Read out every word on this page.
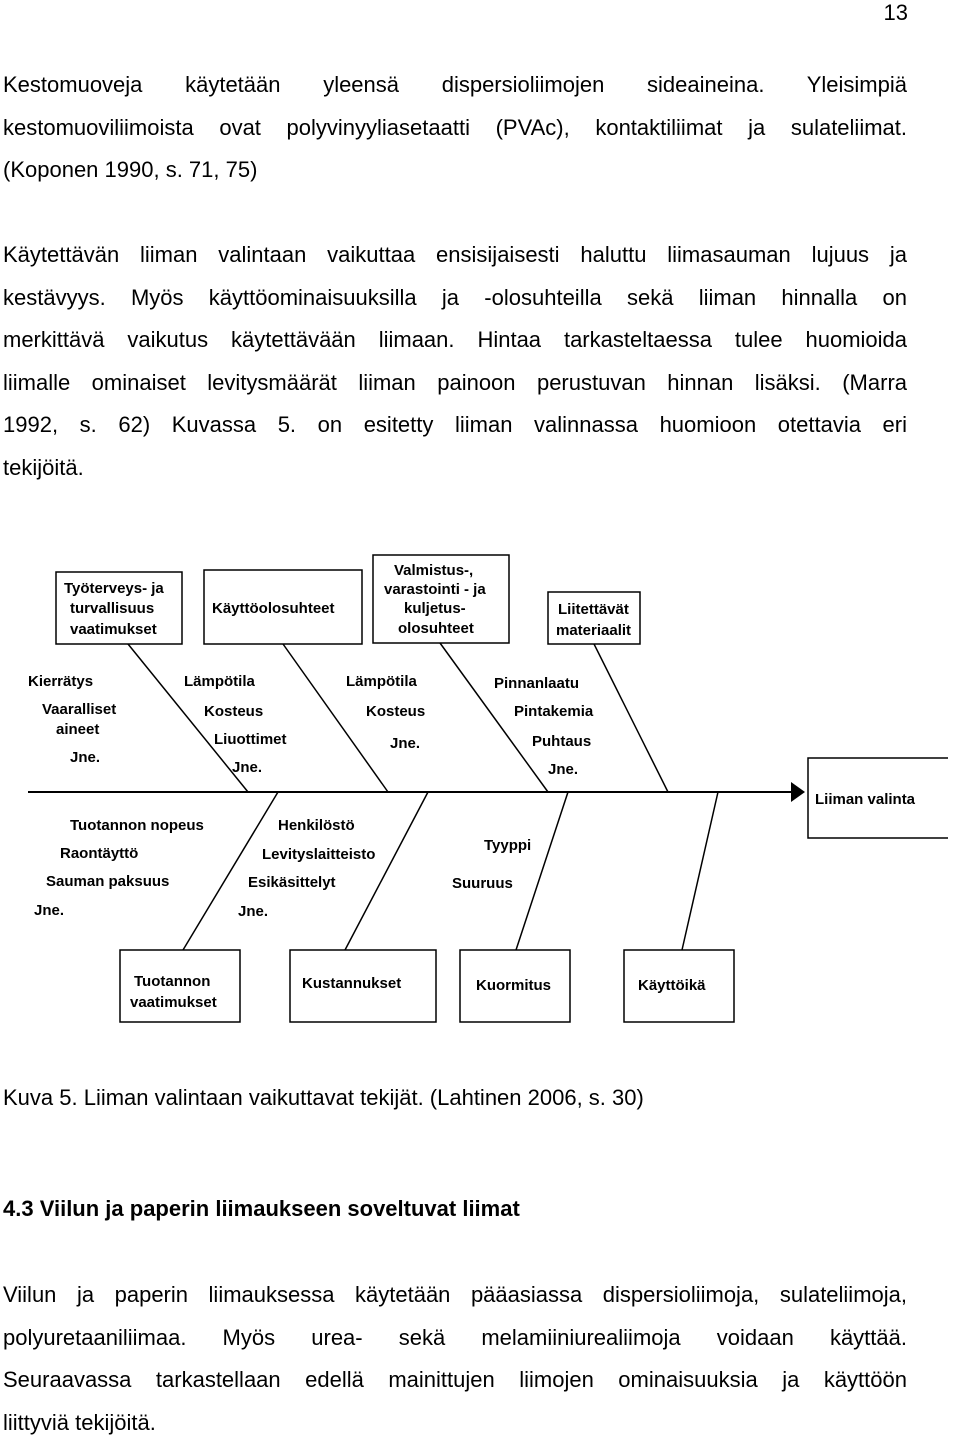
13

Kestomuoveja käytetään yleensä dispersioliimojen sideaineina. Yleisimpiä
kestomuoviliimoista ovat polyvinyyliasetaatti (PVAc), kontaktiliimat ja sulateliimat.
(Koponen 1990, s. 71, 75)

Käytettävän liiman valintaan vaikuttaa ensisijaisesti haluttu liimasauman lujuus ja
kestävyys. Myös käyttöominaisuuksilla ja -olosuhteilla sekä liiman hinnalla on
merkittävä vaikutus käytettävään liimaan. Hintaa tarkasteltaessa tulee huomioida
liimalle ominaiset levitysmäärät liiman painoon perustuvan hinnan lisäksi. (Marra
1992, s. 62) Kuvassa 5. on esitetty liiman valinnassa huomioon otettavia eri
tekijöitä.

Liiman valinta
Työterveys- ja
turvallisuus
vaatimukset
Käyttöolosuhteet
Valmistus-,
varastointi - ja
kuljetus-
olosuhteet
Liitettävät
materiaalit
Kierrätys
Vaaralliset
aineet
Jne.
Lämpötila
Kosteus
Liuottimet
Jne.
Lämpötila
Kosteus
Jne.
Pinnanlaatu
Pintakemia
Puhtaus
Jne.
Tuotannon nopeus
Raontäyttö
Sauman paksuus
Jne.
Henkilöstö
Levityslaitteisto
Esikäsittelyt
Jne.
Tyyppi
Suuruus
Tuotannon
vaatimukset
Kustannukset	Kuormitus	Käyttöikä
Kuva 5. Liiman valintaan vaikuttavat tekijät. (Lahtinen 2006, s. 30)
4.3 Viilun ja paperin liimaukseen soveltuvat liimat

Viilun ja paperin liimauksessa käytetään pääasiassa dispersioliimoja, sulateliimoja,
polyuretaaniliimaa. Myös urea- sekä melamiiniurealiimoja voidaan käyttää.
Seuraavassa tarkastellaan edellä mainittujen liimojen ominaisuuksia ja käyttöön
liittyviä tekijöitä.
